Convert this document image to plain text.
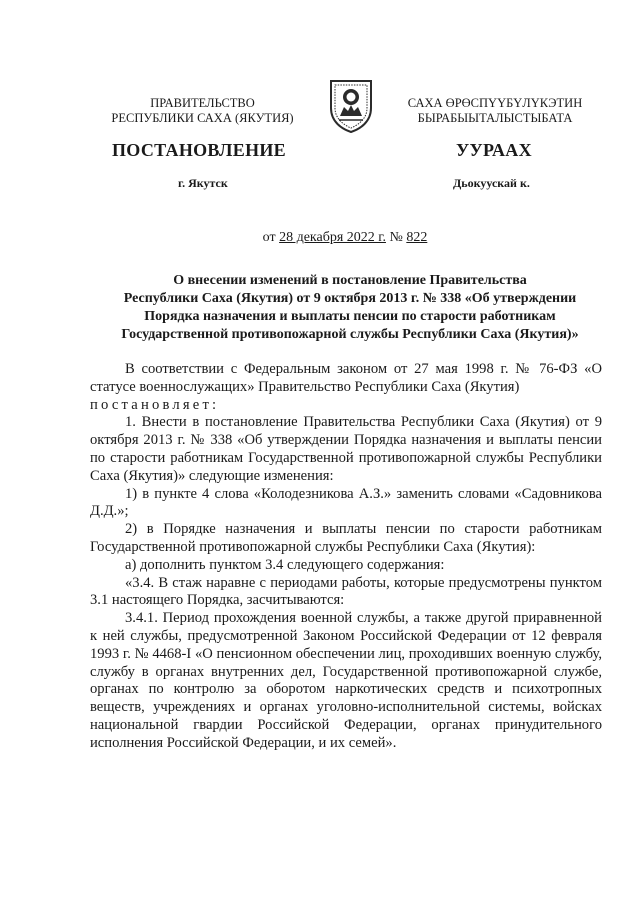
ПРАВИТЕЛЬСТВО
РЕСПУБЛИКИ САХА (ЯКУТИЯ)
САХА ӨРӨСПҮҮБҮЛҮКЭТИН
БЫРАБЫЫТАЛЫСТЫБАТА
ПОСТАНОВЛЕНИЕ	УУРААХ
г. Якутск	Дьокуускай к.
от 28 декабря 2022 г. № 822
О внесении изменений в постановление Правительства
Республики Саха (Якутия) от 9 октября 2013 г. № 338 «Об утверждении
Порядка назначения и выплаты пенсии по старости работникам
Государственной противопожарной службы Республики Саха (Якутия)»

В соответствии с Федеральным законом от 27 мая 1998 г. № 76-ФЗ «О статусе военнослужащих» Правительство Республики Саха (Якутия)

постановляет:

1. Внести в постановление Правительства Республики Саха (Якутия) от 9 октября 2013 г. № 338 «Об утверждении Порядка назначения и выплаты пенсии по старости работникам Государственной противопожарной службы Республики Саха (Якутия)» следующие изменения:

1) в пункте 4 слова «Колодезникова А.З.» заменить словами «Садовникова Д.Д.»;

2) в Порядке назначения и выплаты пенсии по старости работникам Государственной противопожарной службы Республики Саха (Якутия):

а) дополнить пунктом 3.4 следующего содержания:

«3.4. В стаж наравне с периодами работы, которые предусмотрены пунктом 3.1 настоящего Порядка, засчитываются:

3.4.1. Период прохождения военной службы, а также другой приравненной к ней службы, предусмотренной Законом Российской Федерации от 12 февраля 1993 г. № 4468-I «О пенсионном обеспечении лиц, проходивших военную службу, службу в органах внутренних дел, Государственной противопожарной службе, органах по контролю за оборотом наркотических средств и психотропных веществ, учреждениях и органах уголовно-исполнительной системы, войсках национальной гвардии Российской Федерации, органах принудительного исполнения Российской Федерации, и их семей».
